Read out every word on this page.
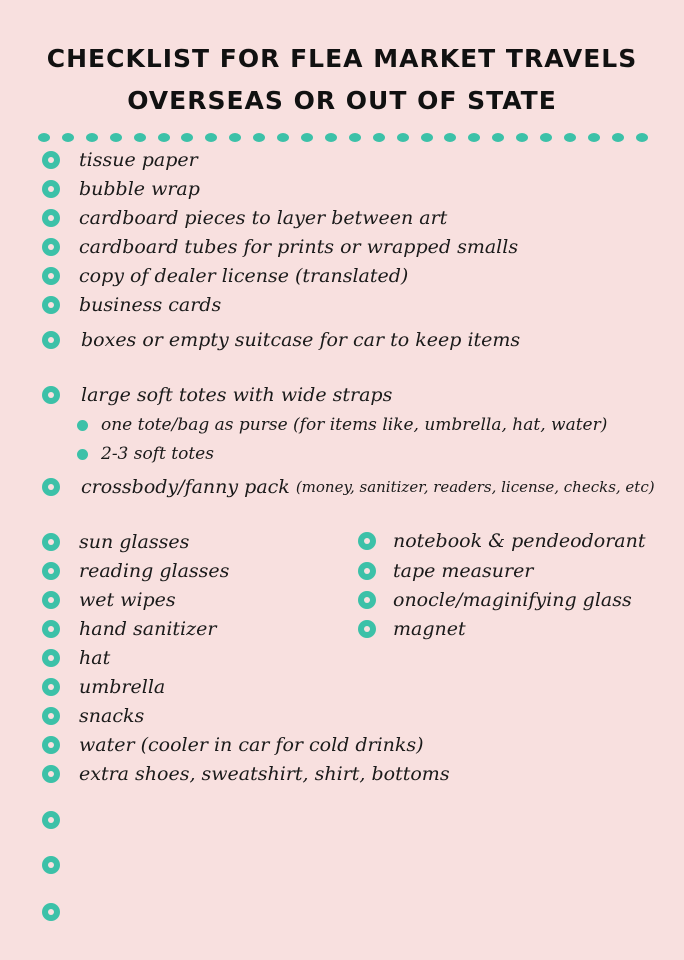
CHECKLIST FOR FLEA MARKET TRAVELS
OVERSEAS OR OUT OF STATE
tissue paper
bubble wrap
cardboard pieces to layer between art
cardboard tubes for prints or wrapped smalls
copy of dealer license (translated)
business cards
boxes or empty suitcase for car to keep items
large soft totes with wide straps
one tote/bag as purse (for items like, umbrella, hat, water)
2-3 soft totes
crossbody/fanny pack (money, sanitizer, readers, license, checks, etc)
sun glasses
reading glasses
wet wipes
hand sanitizer
hat
umbrella
snacks
water (cooler in car for cold drinks)
extra shoes, sweatshirt, shirt, bottoms
notebook & pendeodorant
tape measurer
onocle/maginifying glass
magnet
